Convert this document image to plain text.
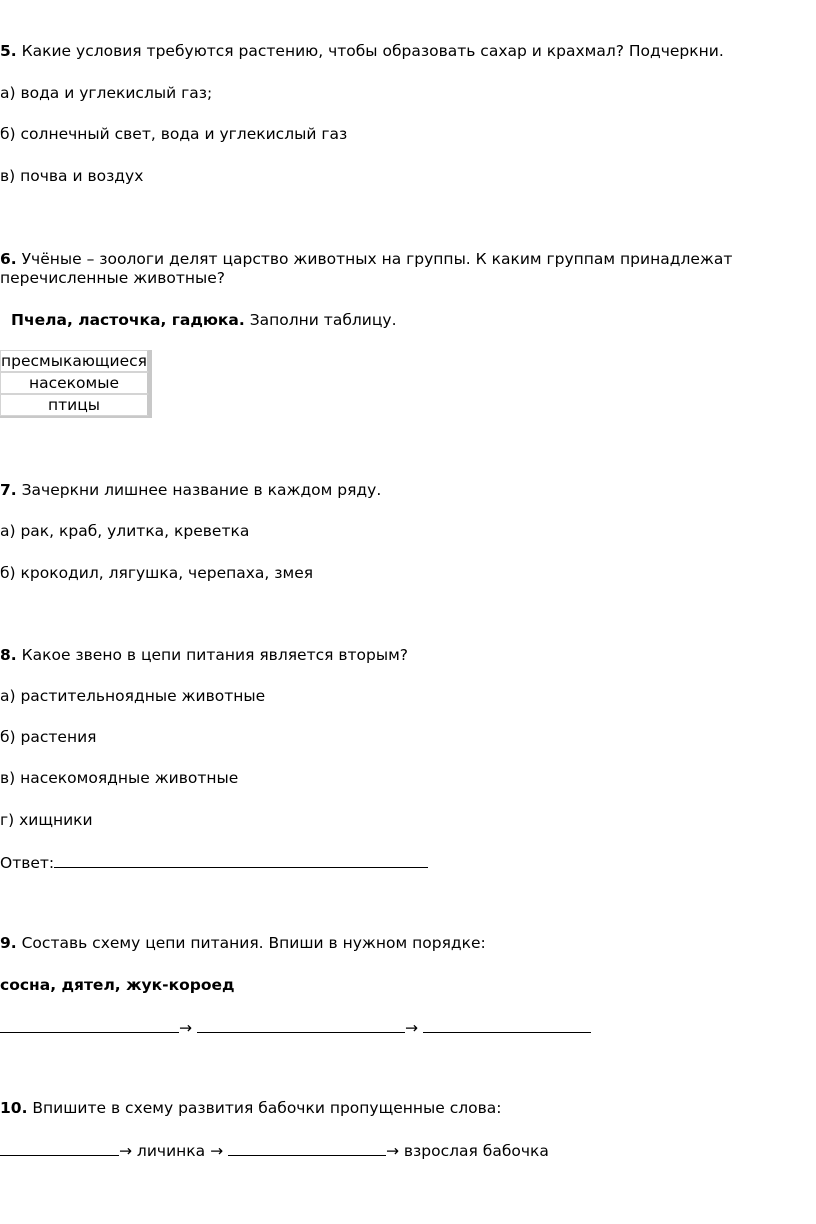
5. Какие условия требуются растению, чтобы образовать сахар и крахмал? Подчеркни.
а) вода и углекислый газ;
б) солнечный свет, вода и углекислый газ
в) почва и воздух
6. Учёные – зоологи делят царство животных на группы. К каким группам принадлежат
перечисленные животные?
Пчела, ласточка, гадюка. Заполни таблицу.
пресмыкающиеся
насекомые
птицы
7. Зачеркни лишнее название в каждом ряду.
а) рак, краб, улитка, креветка
б) крокодил, лягушка, черепаха, змея
8. Какое звено в цепи питания является вторым?
а) растительноядные животные
б) растения
в) насекомоядные животные
г) хищники
Ответ:
9. Составь схему цепи питания. Впиши в нужном порядке:
сосна, дятел, жук-короед
→	→
10. Впишите в схему развития бабочки пропущенные слова:
→ личинка →	→ взрослая бабочка
